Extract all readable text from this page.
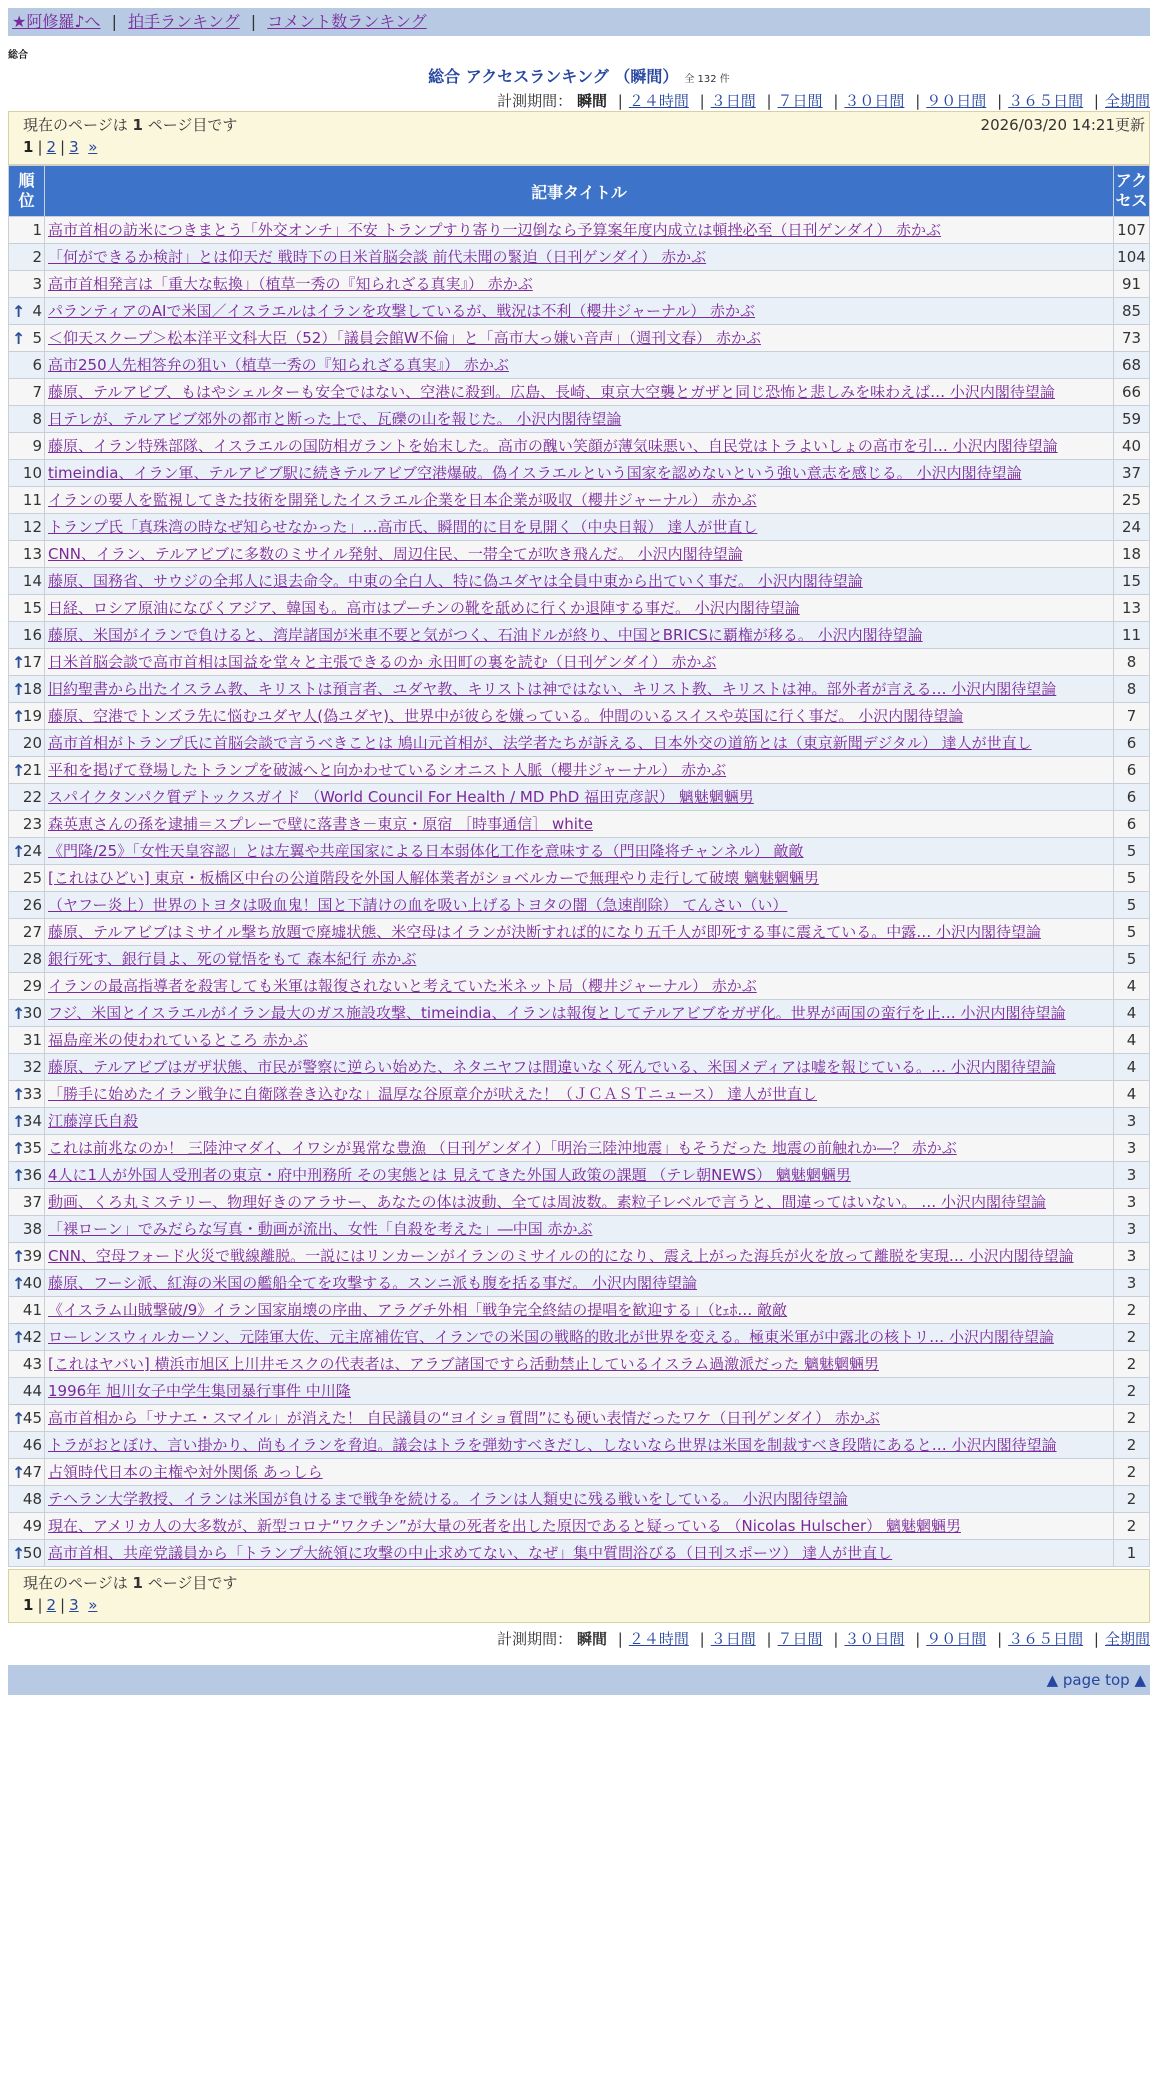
★阿修羅♪へ | 拍手ランキング | コメント数ランキング
総合
総合 アクセスランキング （瞬間） 全 132 件
計測期間： 瞬間 | ２４時間 | ３日間 | ７日間 | ３０日間 | ９０日間 | ３６５日間 | 全期間
現在のページは 1 ページ目です	2026/03/20 14:21更新
1 | 2 | 3 »
順位	記事タイトル	アクセス
1	高市首相の訪米につきまとう「外交オンチ」不安 トランプすり寄り一辺倒なら予算案年度内成立は頓挫必至（日刊ゲンダイ） 赤かぶ	107
2	「何ができるか検討」とは仰天だ 戦時下の日米首脳会談 前代未聞の緊迫（日刊ゲンダイ） 赤かぶ	104
3	高市首相発言は「重大な転換」（植草一秀の『知られざる真実』） 赤かぶ	91

↑ 4	パランティアのAIで米国／イスラエルはイランを攻撃しているが、戦況は不利（櫻井ジャーナル） 赤かぶ	85

↑ 5	＜仰天スクープ＞松本洋平文科大臣（52）「議員会館W不倫」と「高市大っ嫌い音声」（週刊文春） 赤かぶ	73
6	高市250人先相答弁の狙い（植草一秀の『知られざる真実』） 赤かぶ	68
7	藤原、テルアビブ、もはやシェルターも安全ではない、空港に殺到。広島、長崎、東京大空襲とガザと同じ恐怖と悲しみを味わえば… 小沢内閣待望論	66
8	日テレが、テルアビブ郊外の都市と断った上で、瓦礫の山を報じた。 小沢内閣待望論	59
9	藤原、イラン特殊部隊、イスラエルの国防相ガラントを始末した。高市の醜い笑顔が薄気味悪い、自民党はトラよいしょの高市を引… 小沢内閣待望論	40
10	timeindia、イラン軍、テルアビブ駅に続きテルアビブ空港爆破。偽イスラエルという国家を認めないという強い意志を感じる。 小沢内閣待望論	37
11	イランの要人を監視してきた技術を開発したイスラエル企業を日本企業が吸収（櫻井ジャーナル） 赤かぶ	25
12	トランプ氏「真珠湾の時なぜ知らせなかった」…高市氏、瞬間的に目を見開く（中央日報） 達人が世直し	24
13	CNN、イラン、テルアビブに多数のミサイル発射、周辺住民、一帯全てが吹き飛んだ。 小沢内閣待望論	18
14	藤原、国務省、サウジの全邦人に退去命令。中東の全白人、特に偽ユダヤは全員中東から出ていく事だ。 小沢内閣待望論	15
15	日経、ロシア原油になびくアジア、韓国も。高市はプーチンの靴を舐めに行くか退陣する事だ。 小沢内閣待望論	13
16	藤原、米国がイランで負けると、湾岸諸国が米車不要と気がつく、石油ドルが終り、中国とBRICSに覇権が移る。 小沢内閣待望論	11

↑
17	日米首脳会談で高市首相は国益を堂々と主張できるのか 永田町の裏を読む（日刊ゲンダイ） 赤かぶ	8

↑
18	旧約聖書から出たイスラム教、キリストは預言者、ユダヤ教、キリストは神ではない、キリスト教、キリストは神。部外者が言える… 小沢内閣待望論	8

↑
19	藤原、空港でトンズラ先に悩むユダヤ人(偽ユダヤ)、世界中が彼らを嫌っている。仲間のいるスイスや英国に行く事だ。 小沢内閣待望論	7
20	高市首相がトランプ氏に首脳会談で言うべきことは 鳩山元首相が、法学者たちが訴える、日本外交の道筋とは（東京新聞デジタル） 達人が世直し	6

↑
21	平和を掲げて登場したトランプを破滅へと向かわせているシオニスト人脈（櫻井ジャーナル） 赤かぶ	6
22	スパイクタンパク質デトックスガイド （World Council For Health / MD PhD 福田克彦訳） 魑魅魍魎男	6
23	森英恵さんの孫を逮捕＝スプレーで壁に落書き－東京・原宿 ［時事通信］ white	6

↑
24	《門隆/25》「女性天皇容認」とは左翼や共産国家による日本弱体化工作を意味する（門田隆将チャンネル） 敵敵	5
25	[これはひどい] 東京・板橋区中台の公道階段を外国人解体業者がショベルカーで無理やり走行して破壊 魑魅魍魎男	5
26	（ヤフー炎上）世界のトヨタは吸血鬼！国と下請けの血を吸い上げるトヨタの闇（急速削除） てんさい（い）	5
27	藤原、テルアビブはミサイル撃ち放題で廃墟状態、米空母はイランが決断すれば的になり五千人が即死する事に震えている。中露… 小沢内閣待望論	5
28	銀行死す、銀行員よ、死の覚悟をもて 森本紀行 赤かぶ	5
29	イランの最高指導者を殺害しても米軍は報復されないと考えていた米ネット局（櫻井ジャーナル） 赤かぶ	4

↑
30	フジ、米国とイスラエルがイラン最大のガス施設攻撃、timeindia、イランは報復としてテルアビブをガザ化。世界が両国の蛮行を止… 小沢内閣待望論	4
31	福島産米の使われているところ 赤かぶ	4
32	藤原、テルアビブはガザ状態、市民が警察に逆らい始めた、ネタニヤフは間違いなく死んでいる、米国メディアは嘘を報じている。… 小沢内閣待望論	4

↑
33	「勝手に始めたイラン戦争に自衛隊巻き込むな」温厚な谷原章介が吠えた！（ＪＣＡＳＴニュース） 達人が世直し	4

↑
34	江藤淳氏自殺	3

↑
35	これは前兆なのか！ 三陸沖マダイ、イワシが異常な豊漁 （日刊ゲンダイ）「明治三陸沖地震」もそうだった 地震の前触れか―？ 赤かぶ	3

↑
36	4人に1人が外国人受刑者の東京・府中刑務所 その実態とは 見えてきた外国人政策の課題 （テレ朝NEWS） 魑魅魍魎男	3
37	動画、くろ丸ミステリー、物理好きのアラサー、あなたの体は波動、全ては周波数。素粒子レベルで言うと、間違ってはいない。 … 小沢内閣待望論	3
38	「裸ローン」でみだらな写真・動画が流出、女性「自殺を考えた」―中国 赤かぶ	3

↑
39	CNN、空母フォード火災で戦線離脱。一説にはリンカーンがイランのミサイルの的になり、震え上がった海兵が火を放って離脱を実現… 小沢内閣待望論	3

↑
40	藤原、フーシ派、紅海の米国の艦船全てを攻撃する。スンニ派も腹を括る事だ。 小沢内閣待望論	3
41	《イスラム山賊撃破/9》イラン国家崩壊の序曲、アラグチ外相「戦争完全終結の提唱を歓迎する」（ﾋｪﾎ… 敵敵	2

↑
42	ローレンスウィルカーソン、元陸軍大佐、元主席補佐官、イランでの米国の戦略的敗北が世界を変える。極東米軍が中露北の核トリ… 小沢内閣待望論	2
43	[これはヤバい] 横浜市旭区上川井モスクの代表者は、アラブ諸国ですら活動禁止しているイスラム過激派だった 魑魅魍魎男	2
44	1996年 旭川女子中学生集団暴行事件 中川隆	2

↑
45	高市首相から「サナエ・スマイル」が消えた！ 自民議員の“ヨイショ質問”にも硬い表情だったワケ（日刊ゲンダイ） 赤かぶ	2
46	トラがおとぼけ、言い掛かり、尚もイランを脅迫。議会はトラを弾劾すべきだし、しないなら世界は米国を制裁すべき段階にあると… 小沢内閣待望論	2

↑
47	占領時代日本の主権や対外関係 あっしら	2
48	テヘラン大学教授、イランは米国が負けるまで戦争を続ける。イランは人類史に残る戦いをしている。 小沢内閣待望論	2
49	現在、アメリカ人の大多数が、新型コロナ“ワクチン”が大量の死者を出した原因であると疑っている （Nicolas Hulscher） 魑魅魍魎男	2

↑
50	高市首相、共産党議員から「トランプ大統領に攻撃の中止求めてない、なぜ」集中質問浴びる（日刊スポーツ） 達人が世直し	1
現在のページは 1 ページ目です
1 | 2 | 3 »
計測期間： 瞬間 | ２４時間 | ３日間 | ７日間 | ３０日間 | ９０日間 | ３６５日間 | 全期間
▲ page top ▲
